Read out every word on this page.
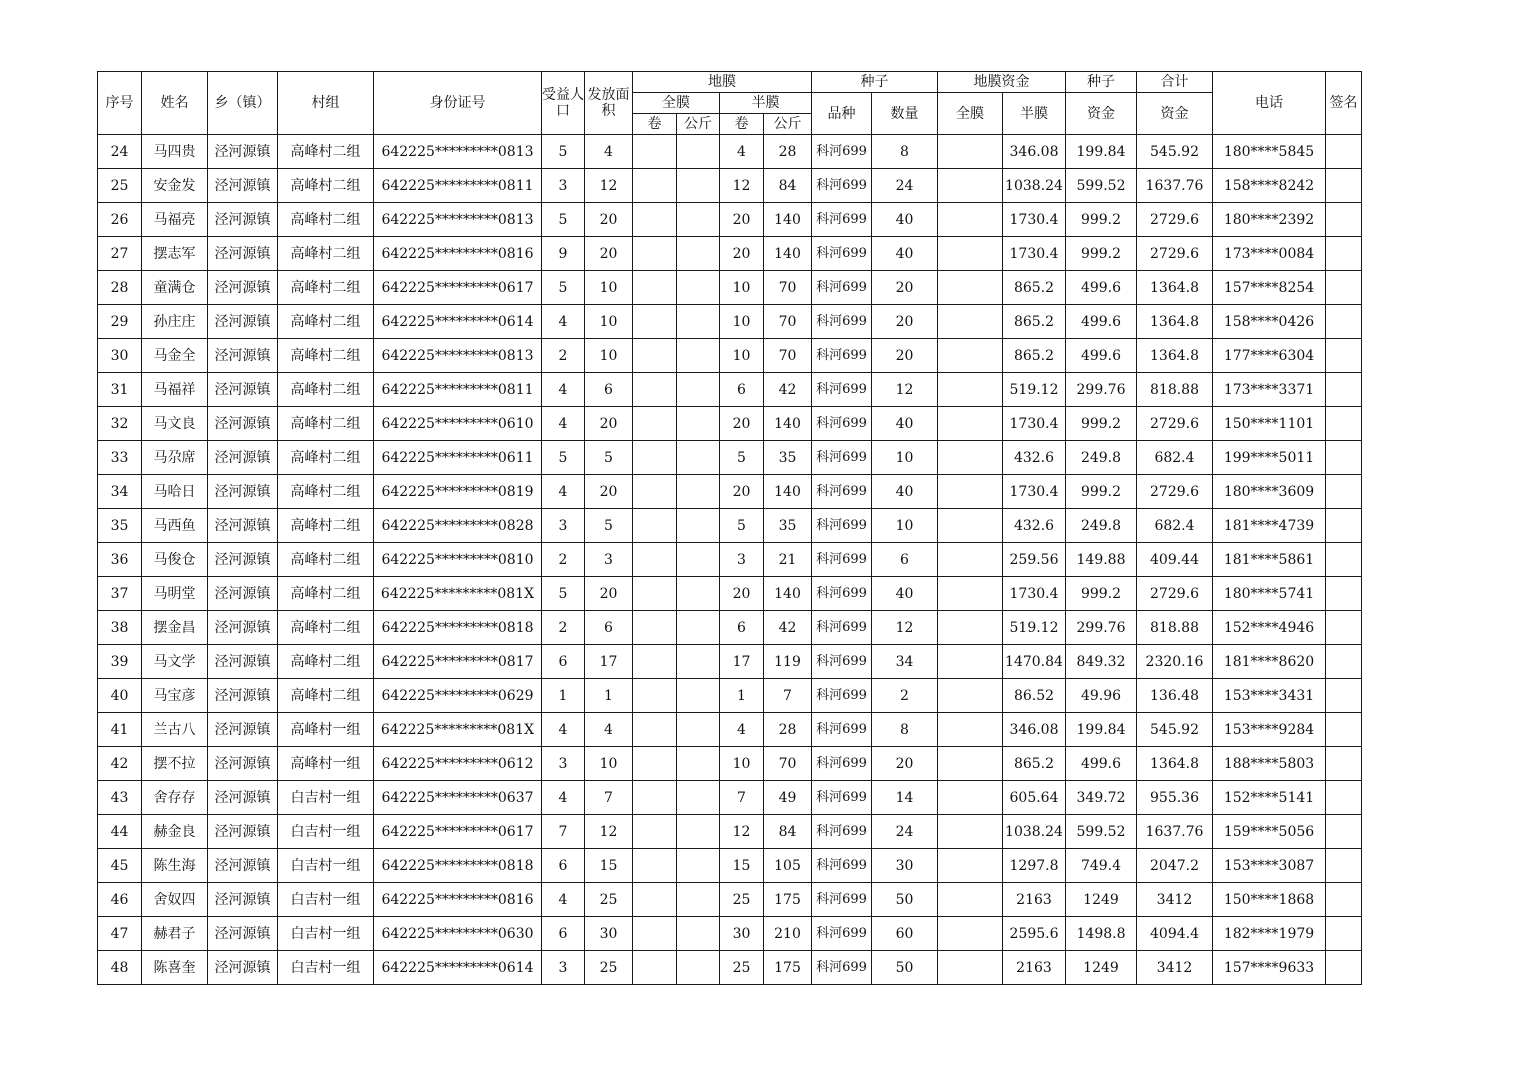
序号	姓名	乡（镇）	村组	身份证号	受益人口	发放面积	地膜				种子		地膜资金		种子	合计	电话	签名
							全膜		半膜		品种	数量	全膜	半膜	资金	资金		
							卷	公斤	卷	公斤								
24	马四贵	泾河源镇	高峰村二组	642225*********0813	5	4			4	28	科河699	8		346.08	199.84	545.92	180****5845	
25	安金发	泾河源镇	高峰村二组	642225*********0811	3	12			12	84	科河699	24		1038.24	599.52	1637.76	158****8242	
26	马福亮	泾河源镇	高峰村二组	642225*********0813	5	20			20	140	科河699	40		1730.4	999.2	2729.6	180****2392	
27	摆志军	泾河源镇	高峰村二组	642225*********0816	9	20			20	140	科河699	40		1730.4	999.2	2729.6	173****0084	
28	童满仓	泾河源镇	高峰村二组	642225*********0617	5	10			10	70	科河699	20		865.2	499.6	1364.8	157****8254	
29	孙庄庄	泾河源镇	高峰村二组	642225*********0614	4	10			10	70	科河699	20		865.2	499.6	1364.8	158****0426	
30	马金全	泾河源镇	高峰村二组	642225*********0813	2	10			10	70	科河699	20		865.2	499.6	1364.8	177****6304	
31	马福祥	泾河源镇	高峰村二组	642225*********0811	4	6			6	42	科河699	12		519.12	299.76	818.88	173****3371	
32	马文良	泾河源镇	高峰村二组	642225*********0610	4	20			20	140	科河699	40		1730.4	999.2	2729.6	150****1101	
33	马尕席	泾河源镇	高峰村二组	642225*********0611	5	5			5	35	科河699	10		432.6	249.8	682.4	199****5011	
34	马哈日	泾河源镇	高峰村二组	642225*********0819	4	20			20	140	科河699	40		1730.4	999.2	2729.6	180****3609	
35	马西鱼	泾河源镇	高峰村二组	642225*********0828	3	5			5	35	科河699	10		432.6	249.8	682.4	181****4739	
36	马俊仓	泾河源镇	高峰村二组	642225*********0810	2	3			3	21	科河699	6		259.56	149.88	409.44	181****5861	
37	马明堂	泾河源镇	高峰村二组	642225*********081X	5	20			20	140	科河699	40		1730.4	999.2	2729.6	180****5741	
38	摆金昌	泾河源镇	高峰村二组	642225*********0818	2	6			6	42	科河699	12		519.12	299.76	818.88	152****4946	
39	马文学	泾河源镇	高峰村二组	642225*********0817	6	17			17	119	科河699	34		1470.84	849.32	2320.16	181****8620	
40	马宝彦	泾河源镇	高峰村二组	642225*********0629	1	1			1	7	科河699	2		86.52	49.96	136.48	153****3431	
41	兰古八	泾河源镇	高峰村一组	642225*********081X	4	4			4	28	科河699	8		346.08	199.84	545.92	153****9284	
42	摆不拉	泾河源镇	高峰村一组	642225*********0612	3	10			10	70	科河699	20		865.2	499.6	1364.8	188****5803	
43	舍存存	泾河源镇	白吉村一组	642225*********0637	4	7			7	49	科河699	14		605.64	349.72	955.36	152****5141	
44	赫金良	泾河源镇	白吉村一组	642225*********0617	7	12			12	84	科河699	24		1038.24	599.52	1637.76	159****5056	
45	陈生海	泾河源镇	白吉村一组	642225*********0818	6	15			15	105	科河699	30		1297.8	749.4	2047.2	153****3087	
46	舍奴四	泾河源镇	白吉村一组	642225*********0816	4	25			25	175	科河699	50		2163	1249	3412	150****1868	
47	赫君子	泾河源镇	白吉村一组	642225*********0630	6	30			30	210	科河699	60		2595.6	1498.8	4094.4	182****1979	
48	陈喜奎	泾河源镇	白吉村一组	642225*********0614	3	25			25	175	科河699	50		2163	1249	3412	157****9633	
